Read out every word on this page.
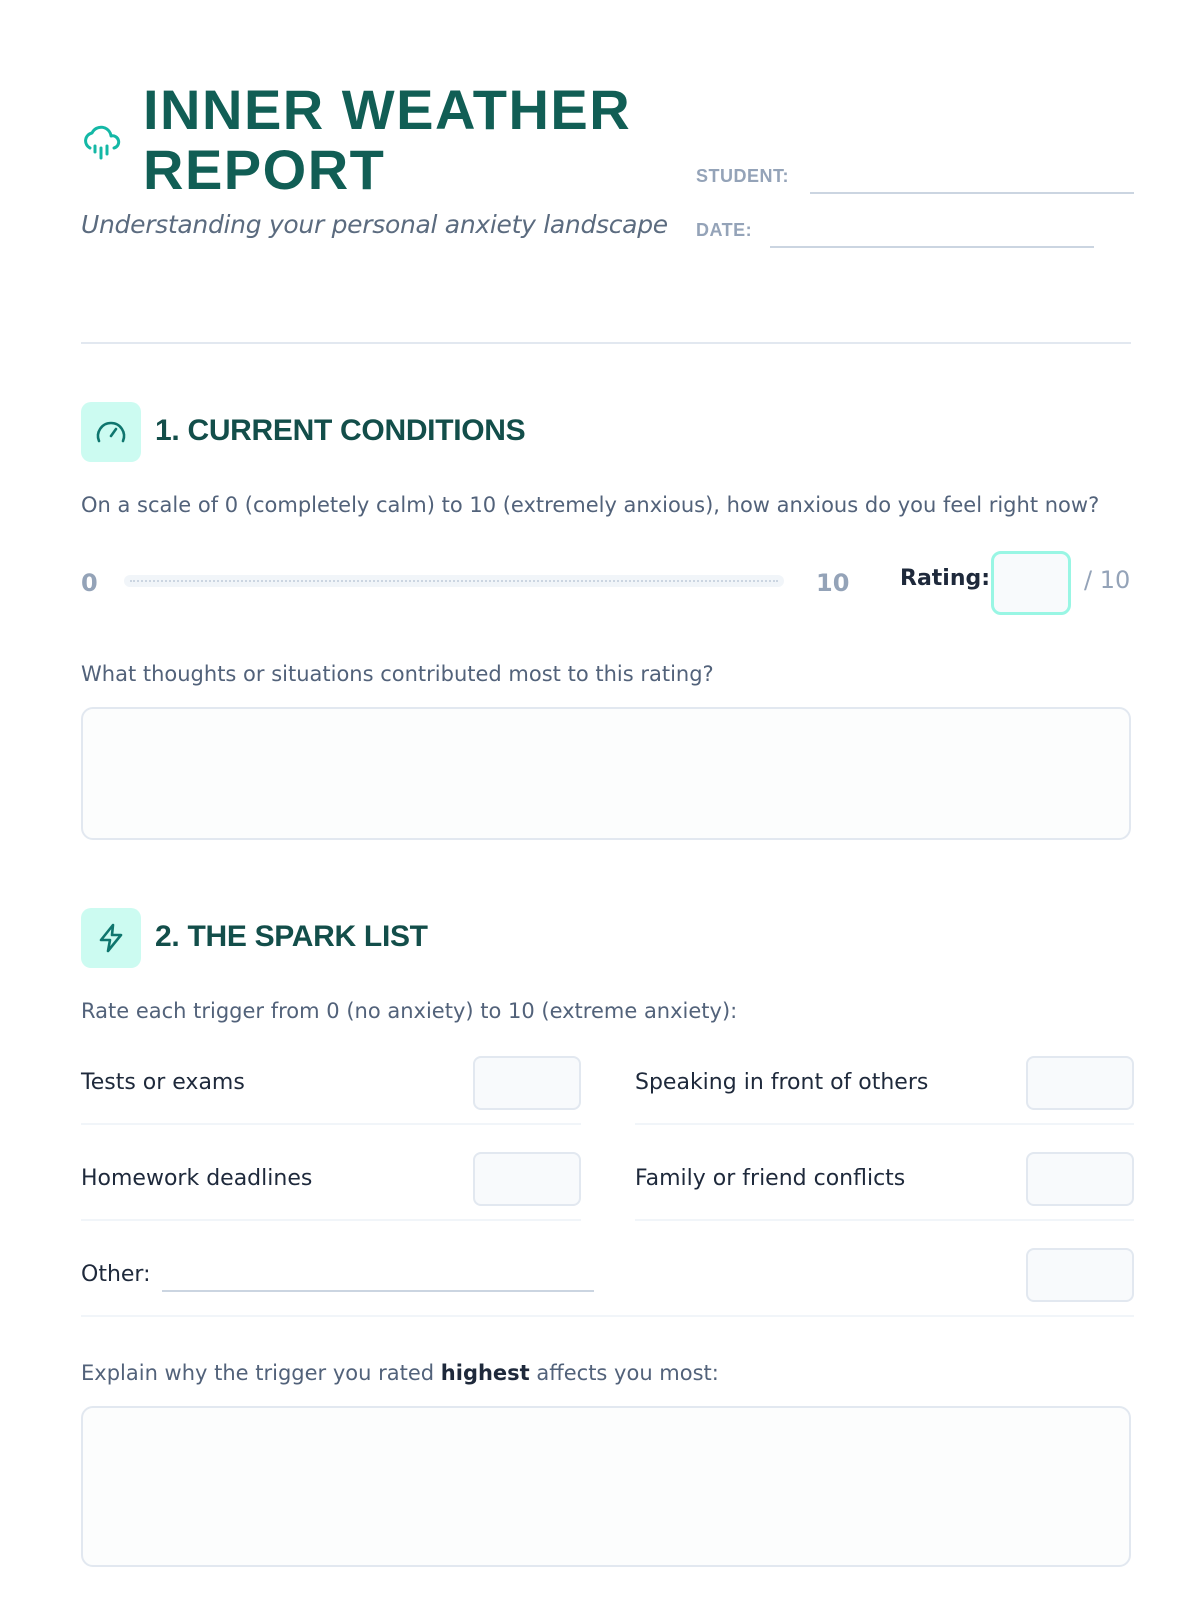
INNER WEATHER
REPORT
Understanding your personal anxiety landscape
STUDENT:
DATE:
1. CURRENT CONDITIONS
On a scale of 0 (completely calm) to 10 (extremely anxious), how anxious do you feel right now?
0	10 Rating:	/ 10
What thoughts or situations contributed most to this rating?
2. THE SPARK LIST
Rate each trigger from 0 (no anxiety) to 10 (extreme anxiety):
Tests or exams	Speaking in front of others
Homework deadlines	Family or friend conflicts
Other:
Explain why the trigger you rated highest affects you most:
